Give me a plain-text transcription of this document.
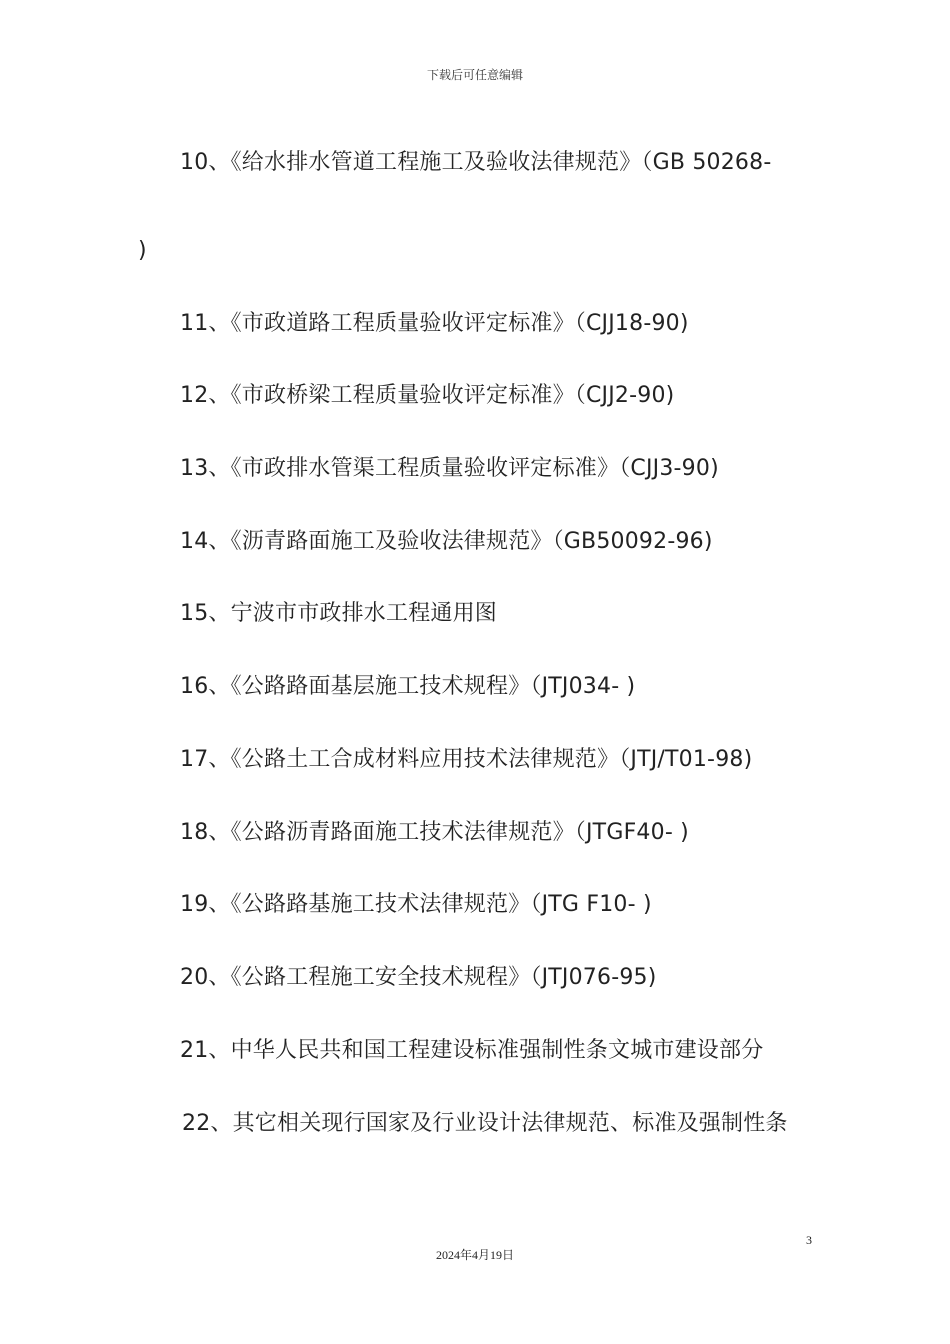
下载后可任意编辑
10、《给水排水管道工程施工及验收法律规范》（GB 50268-
)
11、《市政道路工程质量验收评定标准》（CJJ18-90)
12、《市政桥梁工程质量验收评定标准》（CJJ2-90)
13、《市政排水管渠工程质量验收评定标准》（CJJ3-90)
14、《沥青路面施工及验收法律规范》（GB50092-96)
15、宁波市市政排水工程通用图
16、《公路路面基层施工技术规程》（JTJ034- )
17、《公路土工合成材料应用技术法律规范》（JTJ/T01-98)
18、《公路沥青路面施工技术法律规范》（JTGF40- )
19、《公路路基施工技术法律规范》（JTG F10- )
20、《公路工程施工安全技术规程》（JTJ076-95)
21、中华人民共和国工程建设标准强制性条文城市建设部分
22、其它相关现行国家及行业设计法律规范、标准及强制性条
3
2024年4月19日
